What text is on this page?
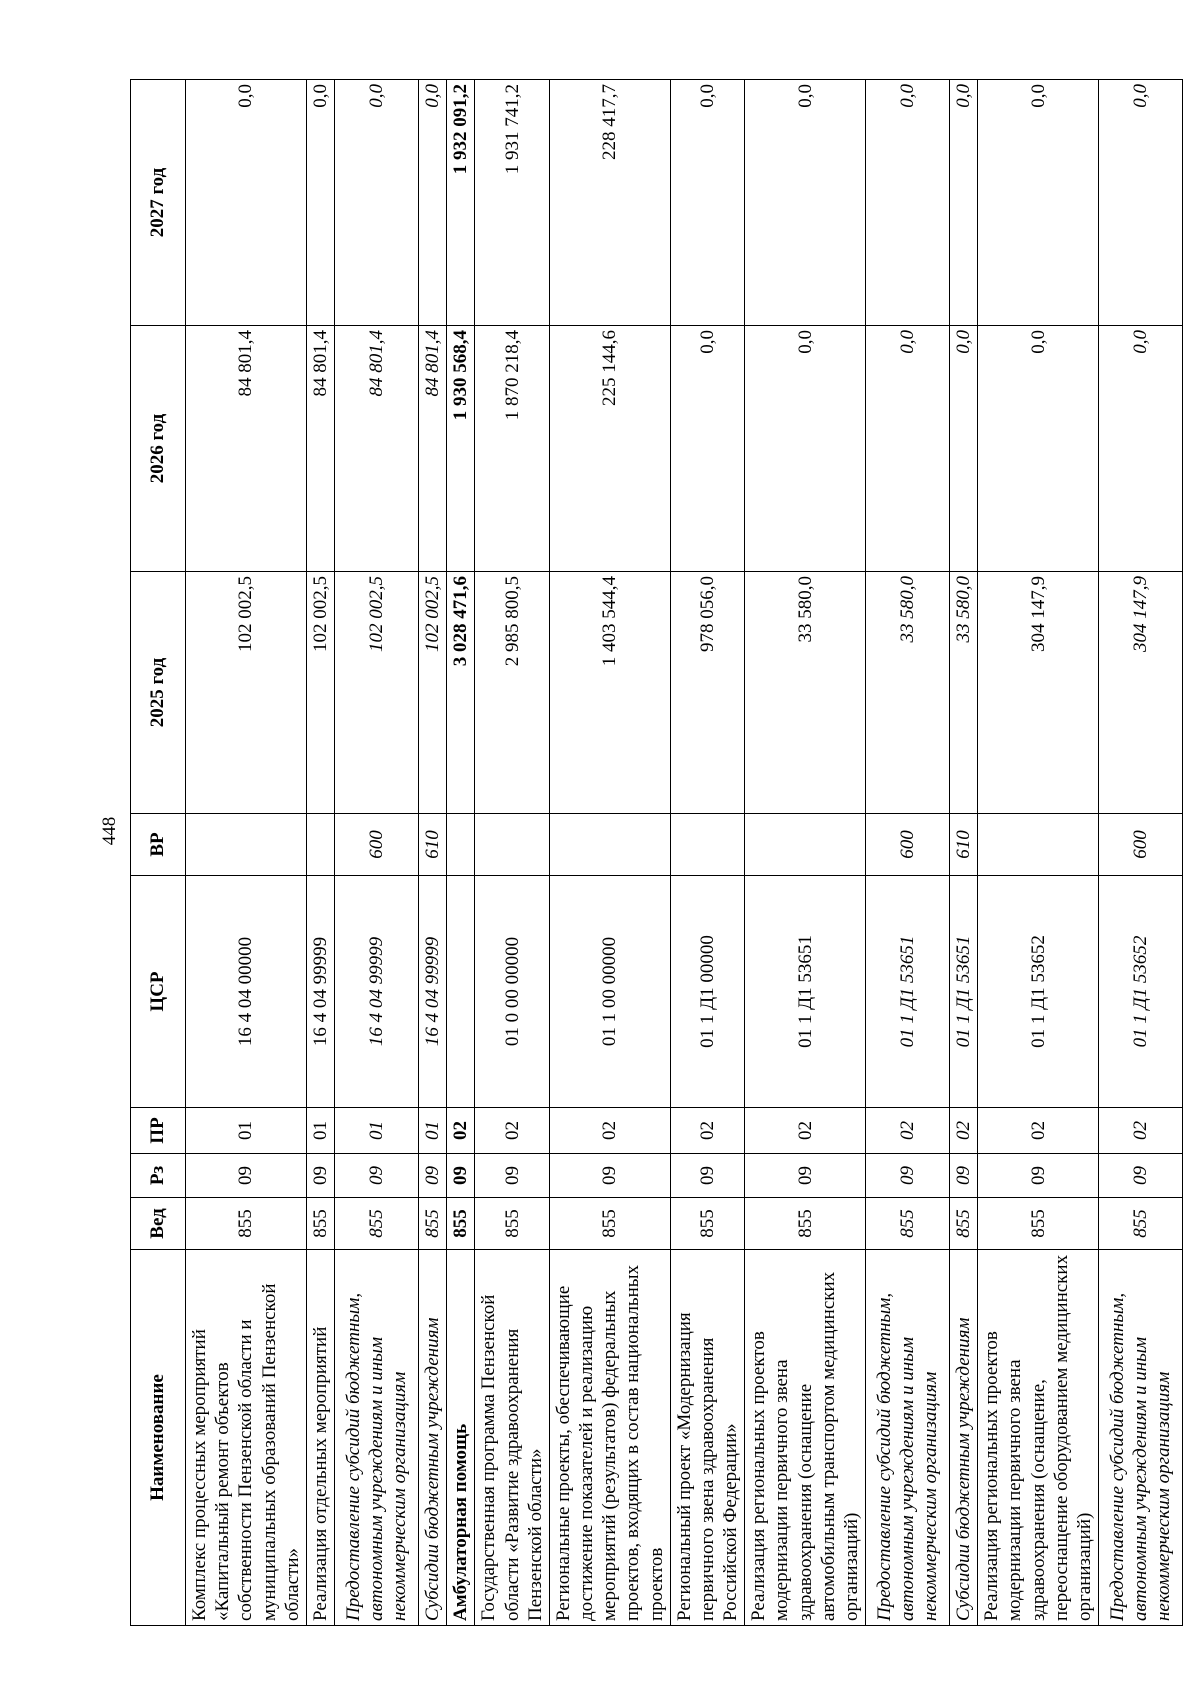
448
Наименование	Вед	Рз	ПР	ЦСР	ВР	2025 год	2026 год	2027 год
Комплекс процессных мероприятий «Капитальный ремонт объектов собственности Пензенской области и муниципальных образований Пензенской области»	855	09	01	16 4 04 00000		102 002,5	84 801,4	0,0
Реализация отдельных мероприятий	855	09	01	16 4 04 99999		102 002,5	84 801,4	0,0
Предоставление субсидий бюджетным, автономным учреждениям и иным некоммерческим организациям	855	09	01	16 4 04 99999	600	102 002,5	84 801,4	0,0
Субсидии бюджетным учреждениям	855	09	01	16 4 04 99999	610	102 002,5	84 801,4	0,0
Амбулаторная помощь	855	09	02			3 028 471,6	1 930 568,4	1 932 091,2
Государственная программа Пензенской области «Развитие здравоохранения Пензенской области»	855	09	02	01 0 00 00000		2 985 800,5	1 870 218,4	1 931 741,2
Региональные проекты, обеспечивающие достижение показателей и реализацию мероприятий (результатов) федеральных проектов, входящих в состав национальных проектов	855	09	02	01 1 00 00000		1 403 544,4	225 144,6	228 417,7
Региональный проект «Модернизация первичного звена здравоохранения Российской Федерации»	855	09	02	01 1 Д1 00000		978 056,0	0,0	0,0
Реализация региональных проектов модернизации первичного звена здравоохранения (оснащение автомобильным транспортом медицинских организаций)	855	09	02	01 1 Д1 53651		33 580,0	0,0	0,0
Предоставление субсидий бюджетным, автономным учреждениям и иным некоммерческим организациям	855	09	02	01 1 Д1 53651	600	33 580,0	0,0	0,0
Субсидии бюджетным учреждениям	855	09	02	01 1 Д1 53651	610	33 580,0	0,0	0,0
Реализация региональных проектов модернизации первичного звена здравоохранения (оснащение, переоснащение оборудованием медицинских организаций)	855	09	02	01 1 Д1 53652		304 147,9	0,0	0,0
Предоставление субсидий бюджетным, автономным учреждениям и иным некоммерческим организациям	855	09	02	01 1 Д1 53652	600	304 147,9	0,0	0,0
